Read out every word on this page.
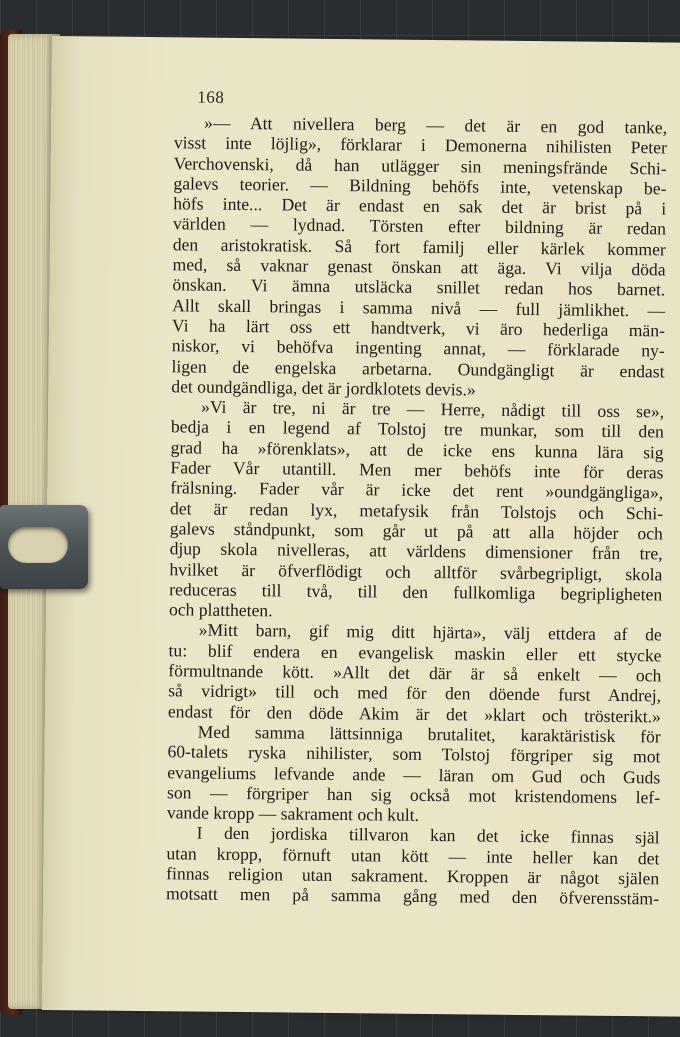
168
»— Att nivellera berg — det är en god tanke,
visst inte löjlig», förklarar i Demonerna nihilisten Peter
Verchovenski, då han utlägger sin meningsfrände Schi-
galevs teorier. — Bildning behöfs inte, vetenskap be-
höfs inte... Det är endast en sak det är brist på i
världen — lydnad. Törsten efter bildning är redan
den aristokratisk. Så fort familj eller kärlek kommer
med, så vaknar genast önskan att äga. Vi vilja döda
önskan. Vi ämna utsläcka snillet redan hos barnet.
Allt skall bringas i samma nivå — full jämlikhet. —
Vi ha lärt oss ett handtverk, vi äro hederliga män-
niskor, vi behöfva ingenting annat, — förklarade ny-
ligen de engelska arbetarna. Oundgängligt är endast
det oundgändliga, det är jordklotets devis.»
»Vi är tre, ni är tre — Herre, nådigt till oss se»,
bedja i en legend af Tolstoj tre munkar, som till den
grad ha »förenklats», att de icke ens kunna lära sig
Fader Vår utantill. Men mer behöfs inte för deras
frälsning. Fader vår är icke det rent »oundgängliga»,
det är redan lyx, metafysik från Tolstojs och Schi-
galevs ståndpunkt, som går ut på att alla höjder och
djup skola nivelleras, att världens dimensioner från tre,
hvilket är öfverflödigt och alltför svårbegripligt, skola
reduceras till två, till den fullkomliga begripligheten
och plattheten.
»Mitt barn, gif mig ditt hjärta», välj ettdera af de
tu: blif endera en evangelisk maskin eller ett stycke
förmultnande kött. »Allt det där är så enkelt — och
så vidrigt» till och med för den döende furst Andrej,
endast för den döde Akim är det »klart och trösterikt.»
Med samma lättsinniga brutalitet, karaktäristisk för
60-talets ryska nihilister, som Tolstoj förgriper sig mot
evangeliums lefvande ande — läran om Gud och Guds
son — förgriper han sig också mot kristendomens lef-
vande kropp — sakrament och kult.
I den jordiska tillvaron kan det icke finnas själ
utan kropp, förnuft utan kött — inte heller kan det
finnas religion utan sakrament. Kroppen är något själen
motsatt men på samma gång med den öfverensstäm-
